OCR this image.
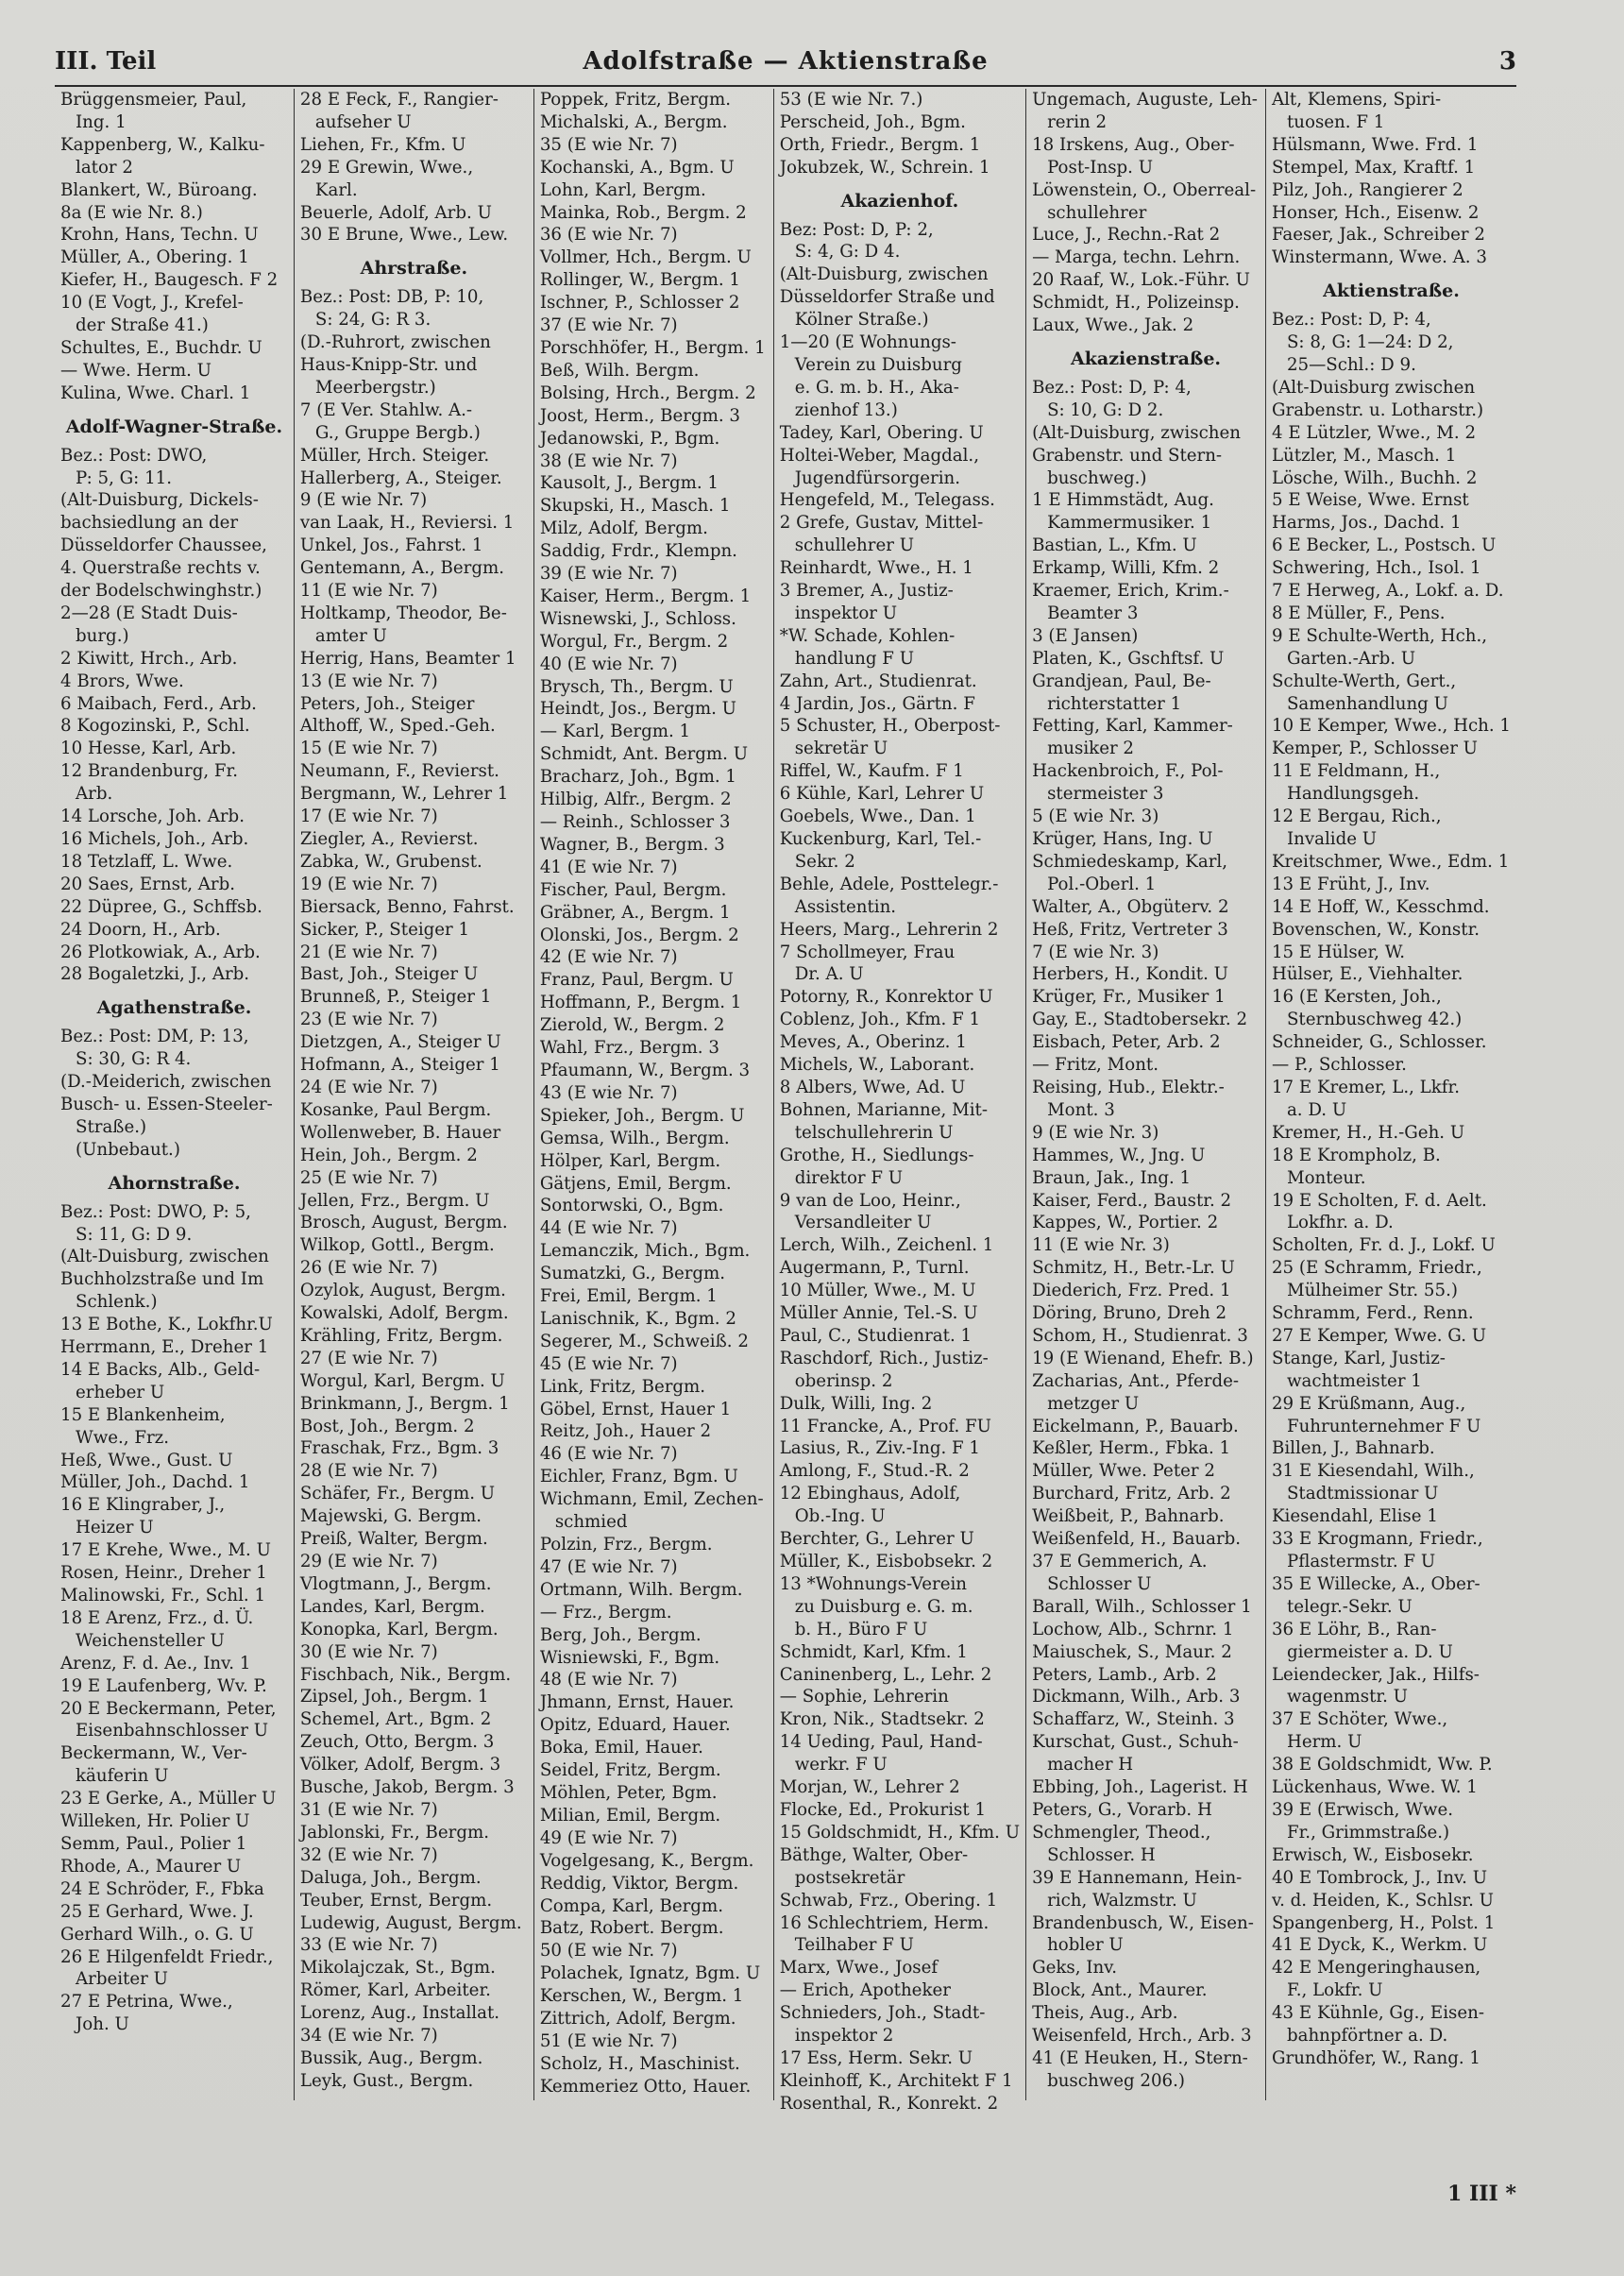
III. Teil	Adolfstraße — Aktienstraße	3
Brüggensmeier, Paul,
Ing. 1
Kappenberg, W., Kalku-
lator 2
Blankert, W., Büroang.
8a (E wie Nr. 8.)
Krohn, Hans, Techn. U
Müller, A., Obering. 1
Kiefer, H., Baugesch. F 2
10 (E Vogt, J., Krefel-
der Straße 41.)
Schultes, E., Buchdr. U
— Wwe. Herm. U
Kulina, Wwe. Charl. 1
Adolf-Wagner-Straße.
Bez.: Post: DWO,
P: 5, G: 11.
(Alt-Duisburg, Dickels-
bachsiedlung an der
Düsseldorfer Chaussee,
4. Querstraße rechts v.
der Bodelschwinghstr.)
2—28 (E Stadt Duis-
burg.)
2 Kiwitt, Hrch., Arb.
4 Brors, Wwe.
6 Maibach, Ferd., Arb.
8 Kogozinski, P., Schl.
10 Hesse, Karl, Arb.
12 Brandenburg, Fr.
Arb.
14 Lorsche, Joh. Arb.
16 Michels, Joh., Arb.
18 Tetzlaff, L. Wwe.
20 Saes, Ernst, Arb.
22 Düpree, G., Schffsb.
24 Doorn, H., Arb.
26 Plotkowiak, A., Arb.
28 Bogaletzki, J., Arb.
Agathenstraße.
Bez.: Post: DM, P: 13,
S: 30, G: R 4.
(D.-Meiderich, zwischen
Busch- u. Essen-Steeler-
Straße.)
(Unbebaut.)
Ahornstraße.
Bez.: Post: DWO, P: 5,
S: 11, G: D 9.
(Alt-Duisburg, zwischen
Buchholzstraße und Im
Schlenk.)
13 E Bothe, K., Lokfhr.U
Herrmann, E., Dreher 1
14 E Backs, Alb., Geld-
erheber U
15 E Blankenheim,
Wwe., Frz.
Heß, Wwe., Gust. U
Müller, Joh., Dachd. 1
16 E Klingraber, J.,
Heizer U
17 E Krehe, Wwe., M. U
Rosen, Heinr., Dreher 1
Malinowski, Fr., Schl. 1
18 E Arenz, Frz., d. Ü.
Weichensteller U
Arenz, F. d. Ae., Inv. 1
19 E Laufenberg, Wv. P.
20 E Beckermann, Peter,
Eisenbahnschlosser U
Beckermann, W., Ver-
käuferin U
23 E Gerke, A., Müller U
Willeken, Hr. Polier U
Semm, Paul., Polier 1
Rhode, A., Maurer U
24 E Schröder, F., Fbka
25 E Gerhard, Wwe. J.
Gerhard Wilh., o. G. U
26 E Hilgenfeldt Friedr.,
Arbeiter U
27 E Petrina, Wwe.,
Joh. U
28 E Feck, F., Rangier-
aufseher U
Liehen, Fr., Kfm. U
29 E Grewin, Wwe.,
Karl.
Beuerle, Adolf, Arb. U
30 E Brune, Wwe., Lew.
Ahrstraße.
Bez.: Post: DB, P: 10,
S: 24, G: R 3.
(D.-Ruhrort, zwischen
Haus-Knipp-Str. und
Meerbergstr.)
7 (E Ver. Stahlw. A.-
G., Gruppe Bergb.)
Müller, Hrch. Steiger.
Hallerberg, A., Steiger.
9 (E wie Nr. 7)
van Laak, H., Reviersi. 1
Unkel, Jos., Fahrst. 1
Gentemann, A., Bergm.
11 (E wie Nr. 7)
Holtkamp, Theodor, Be-
amter U
Herrig, Hans, Beamter 1
13 (E wie Nr. 7)
Peters, Joh., Steiger
Althoff, W., Sped.-Geh.
15 (E wie Nr. 7)
Neumann, F., Revierst.
Bergmann, W., Lehrer 1
17 (E wie Nr. 7)
Ziegler, A., Revierst.
Zabka, W., Grubenst.
19 (E wie Nr. 7)
Biersack, Benno, Fahrst.
Sicker, P., Steiger 1
21 (E wie Nr. 7)
Bast, Joh., Steiger U
Brunneß, P., Steiger 1
23 (E wie Nr. 7)
Dietzgen, A., Steiger U
Hofmann, A., Steiger 1
24 (E wie Nr. 7)
Kosanke, Paul Bergm.
Wollenweber, B. Hauer
Hein, Joh., Bergm. 2
25 (E wie Nr. 7)
Jellen, Frz., Bergm. U
Brosch, August, Bergm.
Wilkop, Gottl., Bergm.
26 (E wie Nr. 7)
Ozylok, August, Bergm.
Kowalski, Adolf, Bergm.
Krähling, Fritz, Bergm.
27 (E wie Nr. 7)
Worgul, Karl, Bergm. U
Brinkmann, J., Bergm. 1
Bost, Joh., Bergm. 2
Fraschak, Frz., Bgm. 3
28 (E wie Nr. 7)
Schäfer, Fr., Bergm. U
Majewski, G. Bergm.
Preiß, Walter, Bergm.
29 (E wie Nr. 7)
Vlogtmann, J., Bergm.
Landes, Karl, Bergm.
Konopka, Karl, Bergm.
30 (E wie Nr. 7)
Fischbach, Nik., Bergm.
Zipsel, Joh., Bergm. 1
Schemel, Art., Bgm. 2
Zeuch, Otto, Bergm. 3
Völker, Adolf, Bergm. 3
Busche, Jakob, Bergm. 3
31 (E wie Nr. 7)
Jablonski, Fr., Bergm.
32 (E wie Nr. 7)
Daluga, Joh., Bergm.
Teuber, Ernst, Bergm.
Ludewig, August, Bergm.
33 (E wie Nr. 7)
Mikolajczak, St., Bgm.
Römer, Karl, Arbeiter.
Lorenz, Aug., Installat.
34 (E wie Nr. 7)
Bussik, Aug., Bergm.
Leyk, Gust., Bergm.
Poppek, Fritz, Bergm.
Michalski, A., Bergm.
35 (E wie Nr. 7)
Kochanski, A., Bgm. U
Lohn, Karl, Bergm.
Mainka, Rob., Bergm. 2
36 (E wie Nr. 7)
Vollmer, Hch., Bergm. U
Rollinger, W., Bergm. 1
Ischner, P., Schlosser 2
37 (E wie Nr. 7)
Porschhöfer, H., Bergm. 1
Beß, Wilh. Bergm.
Bolsing, Hrch., Bergm. 2
Joost, Herm., Bergm. 3
Jedanowski, P., Bgm.
38 (E wie Nr. 7)
Kausolt, J., Bergm. 1
Skupski, H., Masch. 1
Milz, Adolf, Bergm.
Saddig, Frdr., Klempn.
39 (E wie Nr. 7)
Kaiser, Herm., Bergm. 1
Wisnewski, J., Schloss.
Worgul, Fr., Bergm. 2
40 (E wie Nr. 7)
Brysch, Th., Bergm. U
Heindt, Jos., Bergm. U
— Karl, Bergm. 1
Schmidt, Ant. Bergm. U
Bracharz, Joh., Bgm. 1
Hilbig, Alfr., Bergm. 2
— Reinh., Schlosser 3
Wagner, B., Bergm. 3
41 (E wie Nr. 7)
Fischer, Paul, Bergm.
Gräbner, A., Bergm. 1
Olonski, Jos., Bergm. 2
42 (E wie Nr. 7)
Franz, Paul, Bergm. U
Hoffmann, P., Bergm. 1
Zierold, W., Bergm. 2
Wahl, Frz., Bergm. 3
Pfaumann, W., Bergm. 3
43 (E wie Nr. 7)
Spieker, Joh., Bergm. U
Gemsa, Wilh., Bergm.
Hölper, Karl, Bergm.
Gätjens, Emil, Bergm.
Sontorwski, O., Bgm.
44 (E wie Nr. 7)
Lemanczik, Mich., Bgm.
Sumatzki, G., Bergm.
Frei, Emil, Bergm. 1
Lanischnik, K., Bgm. 2
Segerer, M., Schweiß. 2
45 (E wie Nr. 7)
Link, Fritz, Bergm.
Göbel, Ernst, Hauer 1
Reitz, Joh., Hauer 2
46 (E wie Nr. 7)
Eichler, Franz, Bgm. U
Wichmann, Emil, Zechen-
schmied
Polzin, Frz., Bergm.
47 (E wie Nr. 7)
Ortmann, Wilh. Bergm.
— Frz., Bergm.
Berg, Joh., Bergm.
Wisniewski, F., Bgm.
48 (E wie Nr. 7)
Jhmann, Ernst, Hauer.
Opitz, Eduard, Hauer.
Boka, Emil, Hauer.
Seidel, Fritz, Bergm.
Möhlen, Peter, Bgm.
Milian, Emil, Bergm.
49 (E wie Nr. 7)
Vogelgesang, K., Bergm.
Reddig, Viktor, Bergm.
Compa, Karl, Bergm.
Batz, Robert. Bergm.
50 (E wie Nr. 7)
Polachek, Ignatz, Bgm. U
Kerschen, W., Bergm. 1
Zittrich, Adolf, Bergm.
51 (E wie Nr. 7)
Scholz, H., Maschinist.
Kemmeriez Otto, Hauer.
53 (E wie Nr. 7.)
Perscheid, Joh., Bgm.
Orth, Friedr., Bergm. 1
Jokubzek, W., Schrein. 1
Akazienhof.
Bez: Post: D, P: 2,
S: 4, G: D 4.
(Alt-Duisburg, zwischen
Düsseldorfer Straße und
Kölner Straße.)
1—20 (E Wohnungs-
Verein zu Duisburg
e. G. m. b. H., Aka-
zienhof 13.)
Tadey, Karl, Obering. U
Holtei-Weber, Magdal.,
Jugendfürsorgerin.
Hengefeld, M., Telegass.
2 Grefe, Gustav, Mittel-
schullehrer U
Reinhardt, Wwe., H. 1
3 Bremer, A., Justiz-
inspektor U
*W. Schade, Kohlen-
handlung F U
Zahn, Art., Studienrat.
4 Jardin, Jos., Gärtn. F
5 Schuster, H., Oberpost-
sekretär U
Riffel, W., Kaufm. F 1
6 Kühle, Karl, Lehrer U
Goebels, Wwe., Dan. 1
Kuckenburg, Karl, Tel.-
Sekr. 2
Behle, Adele, Posttelegr.-
Assistentin.
Heers, Marg., Lehrerin 2
7 Schollmeyer, Frau
Dr. A. U
Potorny, R., Konrektor U
Coblenz, Joh., Kfm. F 1
Meves, A., Oberinz. 1
Michels, W., Laborant.
8 Albers, Wwe, Ad. U
Bohnen, Marianne, Mit-
telschullehrerin U
Grothe, H., Siedlungs-
direktor F U
9 van de Loo, Heinr.,
Versandleiter U
Lerch, Wilh., Zeichenl. 1
Augermann, P., Turnl.
10 Müller, Wwe., M. U
Müller Annie, Tel.-S. U
Paul, C., Studienrat. 1
Raschdorf, Rich., Justiz-
oberinsp. 2
Dulk, Willi, Ing. 2
11 Francke, A., Prof. FU
Lasius, R., Ziv.-Ing. F 1
Amlong, F., Stud.-R. 2
12 Ebinghaus, Adolf,
Ob.-Ing. U
Berchter, G., Lehrer U
Müller, K., Eisbobsekr. 2
13 *Wohnungs-Verein
zu Duisburg e. G. m.
b. H., Büro F U
Schmidt, Karl, Kfm. 1
Caninenberg, L., Lehr. 2
— Sophie, Lehrerin
Kron, Nik., Stadtsekr. 2
14 Ueding, Paul, Hand-
werkr. F U
Morjan, W., Lehrer 2
Flocke, Ed., Prokurist 1
15 Goldschmidt, H., Kfm. U
Bäthge, Walter, Ober-
postsekretär
Schwab, Frz., Obering. 1
16 Schlechtriem, Herm.
Teilhaber F U
Marx, Wwe., Josef
— Erich, Apotheker
Schnieders, Joh., Stadt-
inspektor 2
17 Ess, Herm. Sekr. U
Kleinhoff, K., Architekt F 1
Rosenthal, R., Konrekt. 2
Ungemach, Auguste, Leh-
rerin 2
18 Irskens, Aug., Ober-
Post-Insp. U
Löwenstein, O., Oberreal-
schullehrer
Luce, J., Rechn.-Rat 2
— Marga, techn. Lehrn.
20 Raaf, W., Lok.-Führ. U
Schmidt, H., Polizeinsp.
Laux, Wwe., Jak. 2
Akazienstraße.
Bez.: Post: D, P: 4,
S: 10, G: D 2.
(Alt-Duisburg, zwischen
Grabenstr. und Stern-
buschweg.)
1 E Himmstädt, Aug.
Kammermusiker. 1
Bastian, L., Kfm. U
Erkamp, Willi, Kfm. 2
Kraemer, Erich, Krim.-
Beamter 3
3 (E Jansen)
Platen, K., Gschftsf. U
Grandjean, Paul, Be-
richterstatter 1
Fetting, Karl, Kammer-
musiker 2
Hackenbroich, F., Pol-
stermeister 3
5 (E wie Nr. 3)
Krüger, Hans, Ing. U
Schmiedeskamp, Karl,
Pol.-Oberl. 1
Walter, A., Obgüterv. 2
Heß, Fritz, Vertreter 3
7 (E wie Nr. 3)
Herbers, H., Kondit. U
Krüger, Fr., Musiker 1
Gay, E., Stadtobersekr. 2
Eisbach, Peter, Arb. 2
— Fritz, Mont.
Reising, Hub., Elektr.-
Mont. 3
9 (E wie Nr. 3)
Hammes, W., Jng. U
Braun, Jak., Ing. 1
Kaiser, Ferd., Baustr. 2
Kappes, W., Portier. 2
11 (E wie Nr. 3)
Schmitz, H., Betr.-Lr. U
Diederich, Frz. Pred. 1
Döring, Bruno, Dreh 2
Schom, H., Studienrat. 3
19 (E Wienand, Ehefr. B.)
Zacharias, Ant., Pferde-
metzger U
Eickelmann, P., Bauarb.
Keßler, Herm., Fbka. 1
Müller, Wwe. Peter 2
Burchard, Fritz, Arb. 2
Weißbeit, P., Bahnarb.
Weißenfeld, H., Bauarb.
37 E Gemmerich, A.
Schlosser U
Barall, Wilh., Schlosser 1
Lochow, Alb., Schrnr. 1
Maiuschek, S., Maur. 2
Peters, Lamb., Arb. 2
Dickmann, Wilh., Arb. 3
Schaffarz, W., Steinh. 3
Kurschat, Gust., Schuh-
macher H
Ebbing, Joh., Lagerist. H
Peters, G., Vorarb. H
Schmengler, Theod.,
Schlosser. H
39 E Hannemann, Hein-
rich, Walzmstr. U
Brandenbusch, W., Eisen-
hobler U
Geks, Inv.
Block, Ant., Maurer.
Theis, Aug., Arb.
Weisenfeld, Hrch., Arb. 3
41 (E Heuken, H., Stern-
buschweg 206.)
Alt, Klemens, Spiri-
tuosen. F 1
Hülsmann, Wwe. Frd. 1
Stempel, Max, Kraftf. 1
Pilz, Joh., Rangierer 2
Honser, Hch., Eisenw. 2
Faeser, Jak., Schreiber 2
Winstermann, Wwe. A. 3
Aktienstraße.
Bez.: Post: D, P: 4,
S: 8, G: 1—24: D 2,
25—Schl.: D 9.
(Alt-Duisburg zwischen
Grabenstr. u. Lotharstr.)
4 E Lützler, Wwe., M. 2
Lützler, M., Masch. 1
Lösche, Wilh., Buchh. 2
5 E Weise, Wwe. Ernst
Harms, Jos., Dachd. 1
6 E Becker, L., Postsch. U
Schwering, Hch., Isol. 1
7 E Herweg, A., Lokf. a. D.
8 E Müller, F., Pens.
9 E Schulte-Werth, Hch.,
Garten.-Arb. U
Schulte-Werth, Gert.,
Samenhandlung U
10 E Kemper, Wwe., Hch. 1
Kemper, P., Schlosser U
11 E Feldmann, H.,
Handlungsgeh.
12 E Bergau, Rich.,
Invalide U
Kreitschmer, Wwe., Edm. 1
13 E Früht, J., Inv.
14 E Hoff, W., Kesschmd.
Bovenschen, W., Konstr.
15 E Hülser, W.
Hülser, E., Viehhalter.
16 (E Kersten, Joh.,
Sternbuschweg 42.)
Schneider, G., Schlosser.
— P., Schlosser.
17 E Kremer, L., Lkfr.
a. D. U
Kremer, H., H.-Geh. U
18 E Krompholz, B.
Monteur.
19 E Scholten, F. d. Aelt.
Lokfhr. a. D.
Scholten, Fr. d. J., Lokf. U
25 (E Schramm, Friedr.,
Mülheimer Str. 55.)
Schramm, Ferd., Renn.
27 E Kemper, Wwe. G. U
Stange, Karl, Justiz-
wachtmeister 1
29 E Krüßmann, Aug.,
Fuhrunternehmer F U
Billen, J., Bahnarb.
31 E Kiesendahl, Wilh.,
Stadtmissionar U
Kiesendahl, Elise 1
33 E Krogmann, Friedr.,
Pflastermstr. F U
35 E Willecke, A., Ober-
telegr.-Sekr. U
36 E Löhr, B., Ran-
giermeister a. D. U
Leiendecker, Jak., Hilfs-
wagenmstr. U
37 E Schöter, Wwe.,
Herm. U
38 E Goldschmidt, Ww. P.
Lückenhaus, Wwe. W. 1
39 E (Erwisch, Wwe.
Fr., Grimmstraße.)
Erwisch, W., Eisbosekr.
40 E Tombrock, J., Inv. U
v. d. Heiden, K., Schlsr. U
Spangenberg, H., Polst. 1
41 E Dyck, K., Werkm. U
42 E Mengeringhausen,
F., Lokfr. U
43 E Kühnle, Gg., Eisen-
bahnpförtner a. D.
Grundhöfer, W., Rang. 1
1 III *
